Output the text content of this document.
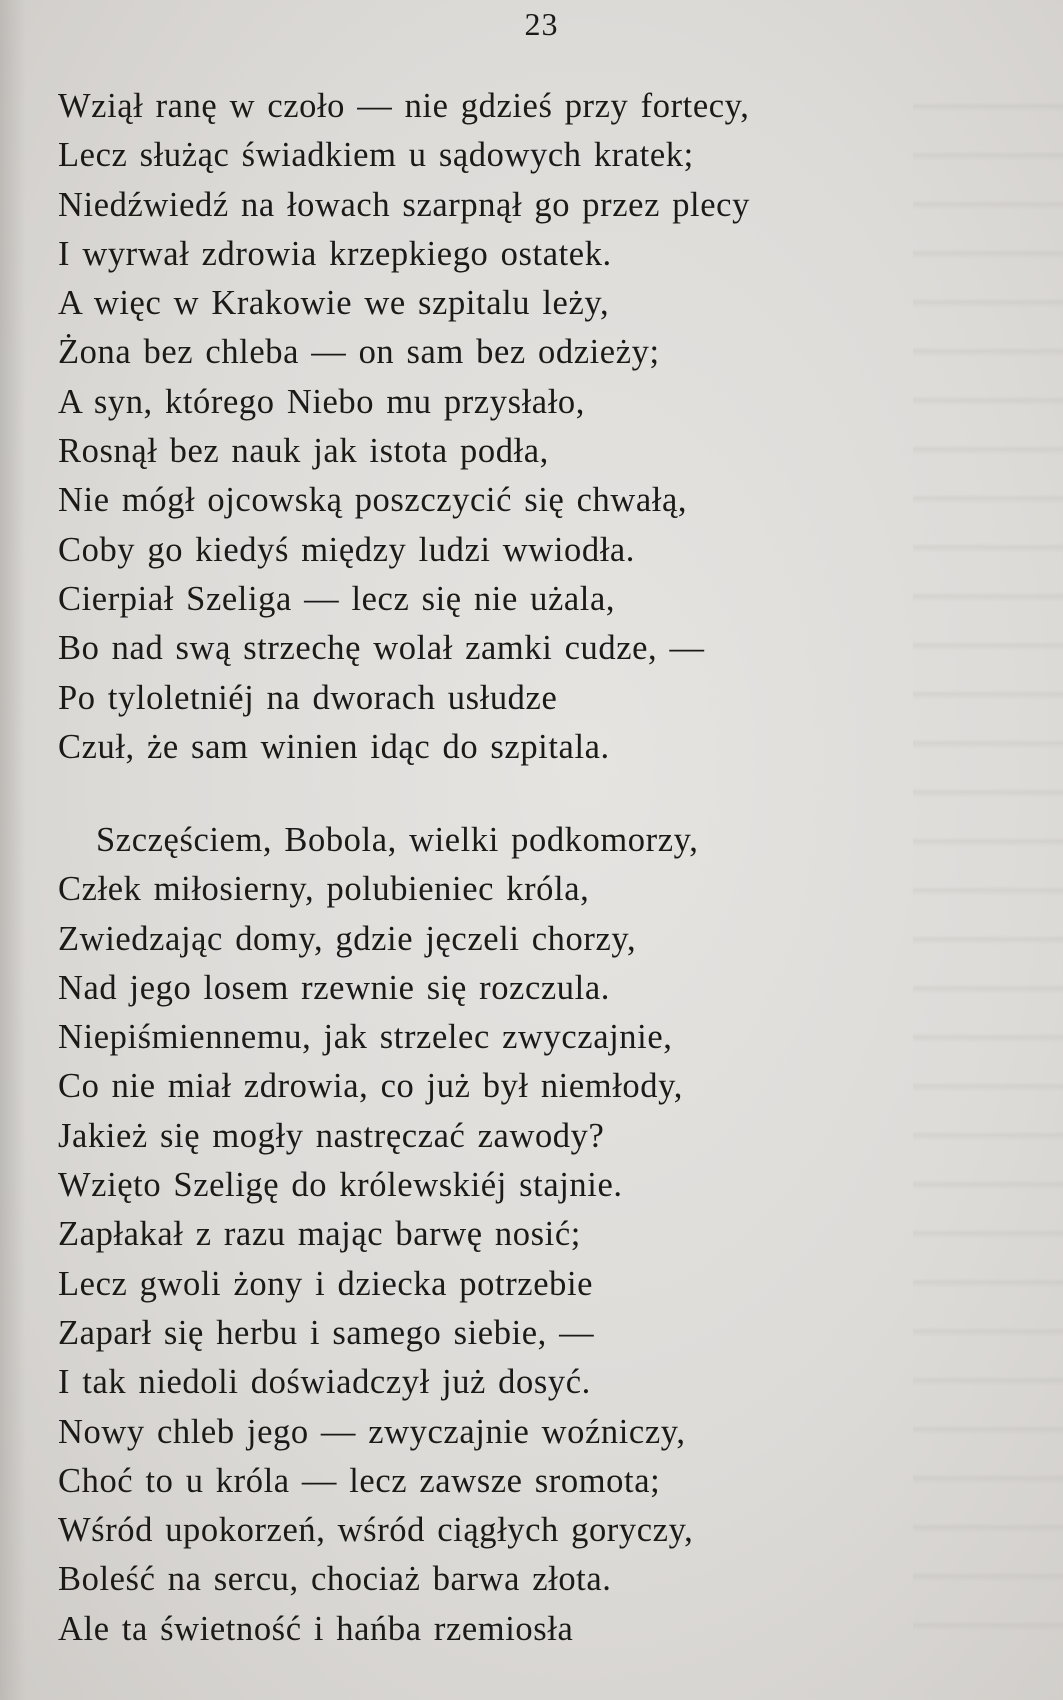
23
Wziął ranę w czoło — nie gdzieś przy fortecy,
Lecz służąc świadkiem u sądowych kratek;
Niedźwiedź na łowach szarpnął go przez plecy
I wyrwał zdrowia krzepkiego ostatek.
A więc w Krakowie we szpitalu leży,
Żona bez chleba — on sam bez odzieży;
A syn, którego Niebo mu przysłało,
Rosnął bez nauk jak istota podła,
Nie mógł ojcowską poszczycić się chwałą,
Coby go kiedyś między ludzi wwiodła.
Cierpiał Szeliga — lecz się nie użala,
Bo nad swą strzechę wolał zamki cudze, —
Po tyloletniéj na dworach usłudze
Czuł, że sam winien idąc do szpitala.
Szczęściem, Bobola, wielki podkomorzy,
Człek miłosierny, polubieniec króla,
Zwiedzając domy, gdzie jęczeli chorzy,
Nad jego losem rzewnie się rozczula.
Niepiśmiennemu, jak strzelec zwyczajnie,
Co nie miał zdrowia, co już był niemłody,
Jakież się mogły nastręczać zawody?
Wzięto Szeligę do królewskiéj stajnie.
Zapłakał z razu mając barwę nosić;
Lecz gwoli żony i dziecka potrzebie
Zaparł się herbu i samego siebie, —
I tak niedoli doświadczył już dosyć.
Nowy chleb jego — zwyczajnie woźniczy,
Choć to u króla — lecz zawsze sromota;
Wśród upokorzeń, wśród ciągłych goryczy,
Boleść na sercu, chociaż barwa złota.
Ale ta świetność i hańba rzemiosła
